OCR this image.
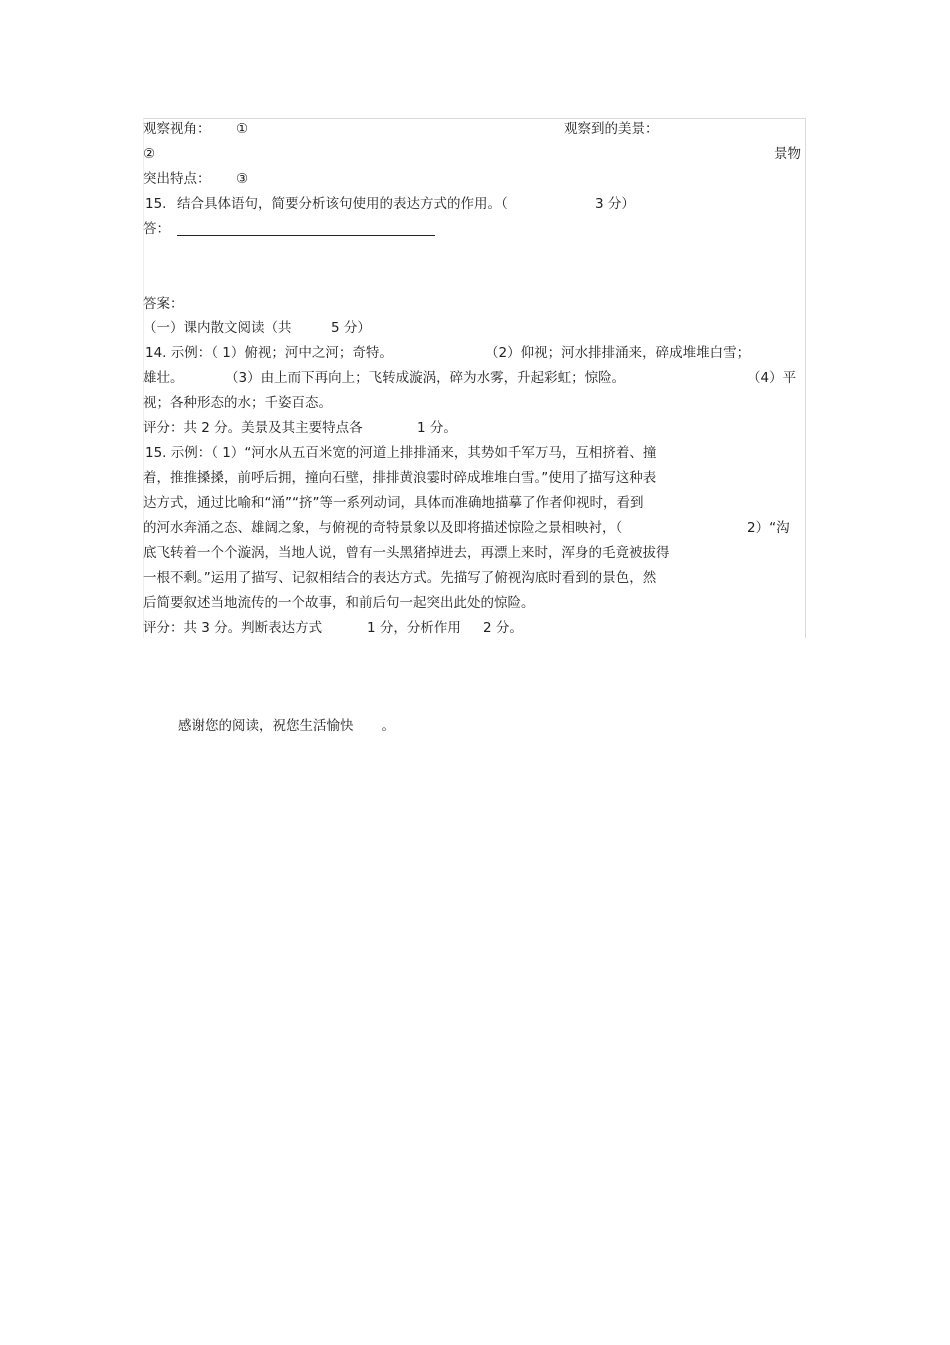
观察视角： ①	观察到的美景：
②	景物
突出特点： ③
15. 结合具体语句，简要分析该句使用的表达方式的作用。（	3 分）
答：
答案：
（一）课内散文阅读（共	5 分）
14. 示例：（ 1）俯视；河中之河；奇特。	（2）仰视；河水排排涌来，碎成堆堆白雪；
雄壮。	（3）由上而下再向上；飞转成漩涡，碎为水雾，升起彩虹；惊险。	（4）平
视；各种形态的水；千姿百态。
评分：共 2 分。美景及其主要特点各	1 分。
15. 示例：（ 1）“河水从五百米宽的河道上排排涌来，其势如千军万马，互相挤着、撞
着，推推搡搡，前呼后拥，撞向石壁，排排黄浪霎时碎成堆堆白雪。”使用了描写这种表
达方式，通过比喻和“涌”“挤”等一系列动词，具体而准确地描摹了作者仰视时，看到
的河水奔涌之态、雄阔之象，与俯视的奇特景象以及即将描述惊险之景相映衬，（	2）“沟
底飞转着一个个漩涡，当地人说，曾有一头黑猪掉进去，再漂上来时，浑身的毛竟被拔得
一根不剩。”运用了描写、记叙相结合的表达方式。先描写了俯视沟底时看到的景色，然
后简要叙述当地流传的一个故事，和前后句一起突出此处的惊险。
评分：共 3 分。判断表达方式	1 分，分析作用 2 分。
感谢您的阅读，祝您生活愉快 。
